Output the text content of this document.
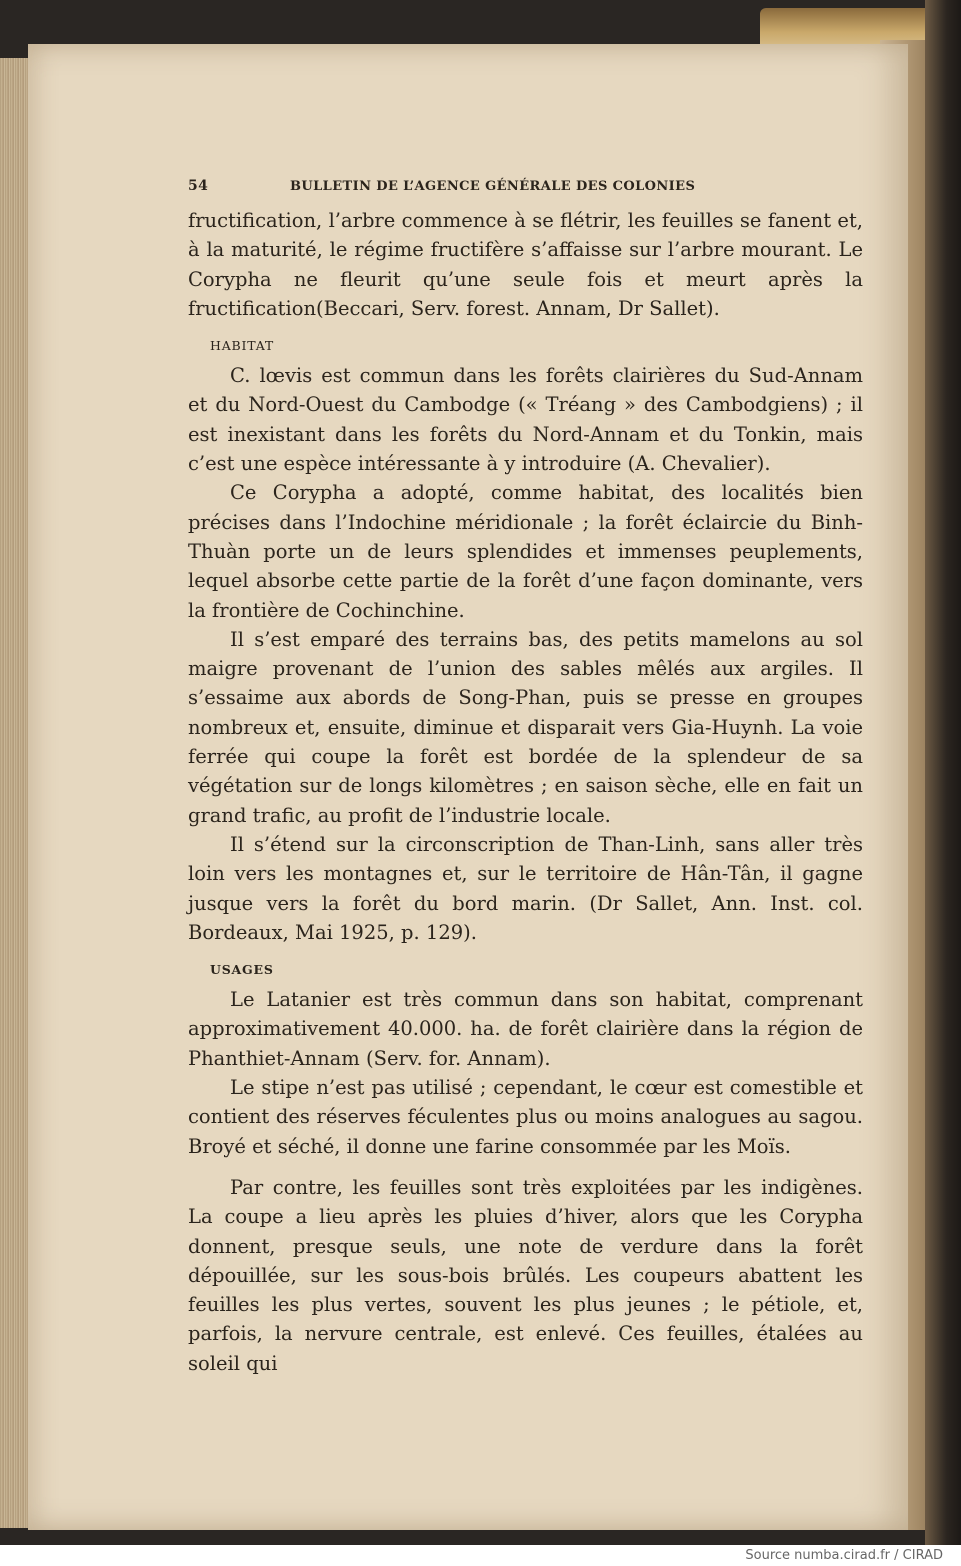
54	BULLETIN DE L’AGENCE GÉNÉRALE DES COLONIES

fructification, l’arbre commence à se flétrir, les feuilles se fanent et, à la maturité, le régime fructifère s’affaisse sur l’arbre mourant. Le Corypha ne fleurit qu’une seule fois et meurt après la fructification(Beccari, Serv. forest. Annam, Dr Sallet).

HABITAT

C. lœvis est commun dans les forêts clairières du Sud-Annam et du Nord-Ouest du Cambodge (« Tréang » des Cambodgiens) ; il est inexistant dans les forêts du Nord-Annam et du Tonkin, mais c’est une espèce intéressante à y introduire (A. Chevalier).

Ce Corypha a adopté, comme habitat, des localités bien précises dans l’Indochine méridionale ; la forêt éclaircie du Binh-Thuàn porte un de leurs splendides et immenses peuplements, lequel absorbe cette partie de la forêt d’une façon dominante, vers la frontière de Cochinchine.

Il s’est emparé des terrains bas, des petits mamelons au sol maigre provenant de l’union des sables mêlés aux argiles. Il s’essaime aux abords de Song-Phan, puis se presse en groupes nombreux et, ensuite, diminue et disparait vers Gia-Huynh. La voie ferrée qui coupe la forêt est bordée de la splendeur de sa végétation sur de longs kilomètres ; en saison sèche, elle en fait un grand trafic, au profit de l’industrie locale.

Il s’étend sur la circonscription de Than-Linh, sans aller très loin vers les montagnes et, sur le territoire de Hân-Tân, il gagne jusque vers la forêt du bord marin. (Dr Sallet, Ann. Inst. col. Bordeaux, Mai 1925, p. 129).

USAGES

Le Latanier est très commun dans son habitat, comprenant approximativement 40.000. ha. de forêt clairière dans la région de Phanthiet-Annam (Serv. for. Annam).

Le stipe n’est pas utilisé ; cependant, le cœur est comestible et contient des réserves féculentes plus ou moins analogues au sagou. Broyé et séché, il donne une farine consommée par les Moïs.

Par contre, les feuilles sont très exploitées par les indigènes. La coupe a lieu après les pluies d’hiver, alors que les Corypha donnent, presque seuls, une note de verdure dans la forêt dépouillée, sur les sous-bois brûlés. Les coupeurs abattent les feuilles les plus vertes, souvent les plus jeunes ; le pétiole, et, parfois, la nervure centrale, est enlevé. Ces feuilles, étalées au soleil qui

Source numba.cirad.fr / CIRAD
